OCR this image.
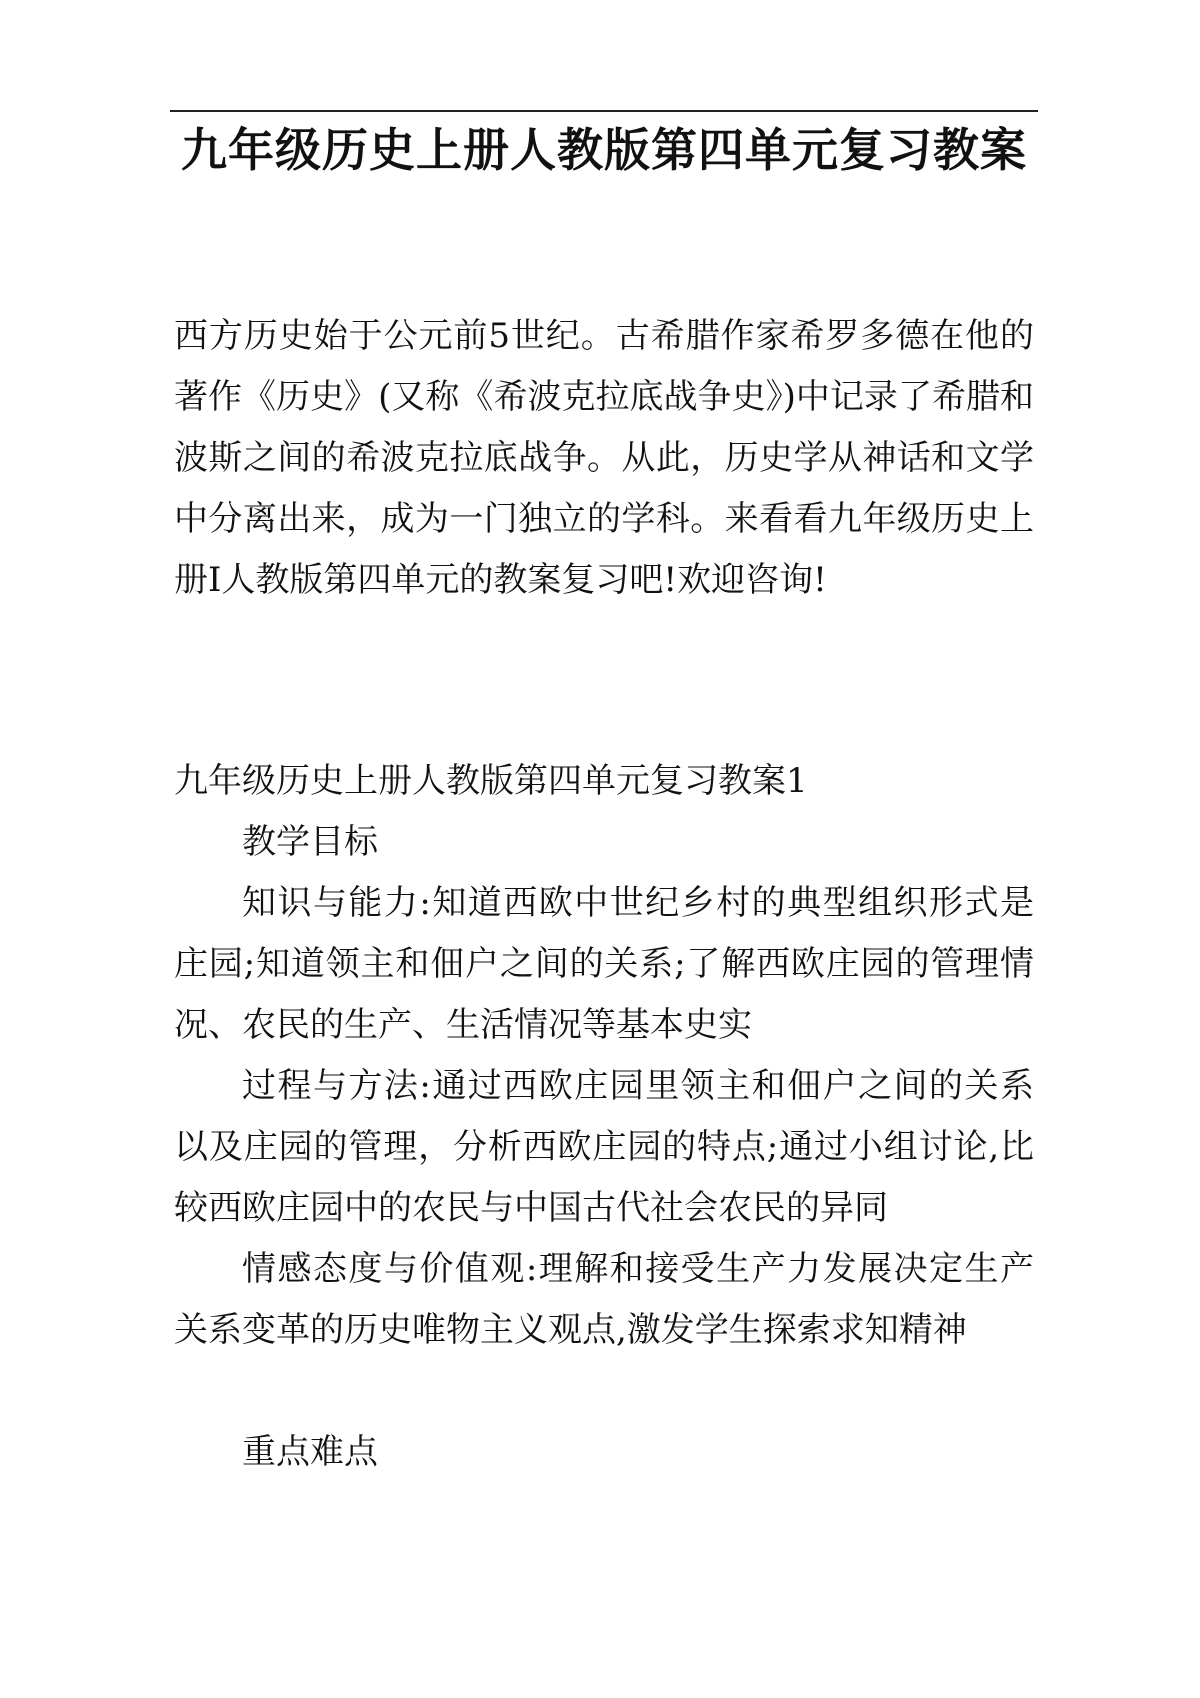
九年级历史上册人教版第四单元复习教案

西方历史始于公元前5世纪。古希腊作家希罗多德在他的著作《历史》(又称《希波克拉底战争史》)中记录了希腊和波斯之间的希波克拉底战争。从此，历史学从神话和文学中分离出来，成为一门独立的学科。来看看九年级历史上册Ⅰ人教版第四单元的教案复习吧!欢迎咨询!

九年级历史上册人教版第四单元复习教案1

教学目标

知识与能力:知道西欧中世纪乡村的典型组织形式是庄园;知道领主和佃户之间的关系;了解西欧庄园的管理情况、农民的生产、生活情况等基本史实

过程与方法:通过西欧庄园里领主和佃户之间的关系以及庄园的管理，分析西欧庄园的特点;通过小组讨论,比较西欧庄园中的农民与中国古代社会农民的异同

情感态度与价值观:理解和接受生产力发展决定生产关系变革的历史唯物主义观点,激发学生探索求知精神

重点难点
